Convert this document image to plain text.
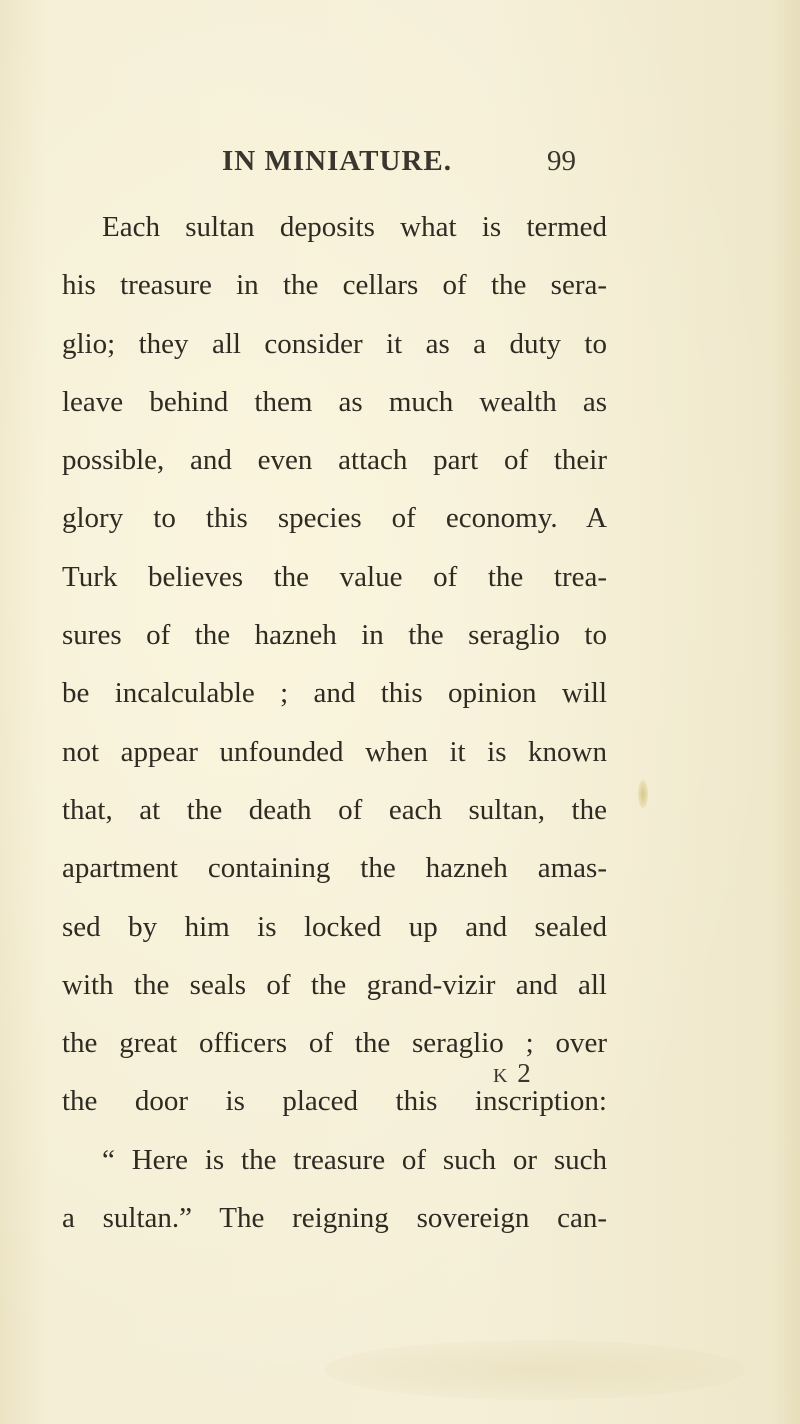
IN MINIATURE.	99
Each sultan deposits what is termed
his treasure in the cellars of the sera-
glio; they all consider it as a duty to
leave behind them as much wealth as
possible, and even attach part of their
glory to this species of economy. A
Turk believes the value of the trea-
sures of the hazneh in the seraglio to
be incalculable ; and this opinion will
not appear unfounded when it is known
that, at the death of each sultan, the
apartment containing the hazneh amas-
sed by him is locked up and sealed
with the seals of the grand-vizir and all
the great officers of the seraglio ; over
the door is placed this inscription:
“ Here is the treasure of such or such
a sultan.” The reigning sovereign can-
K 2
